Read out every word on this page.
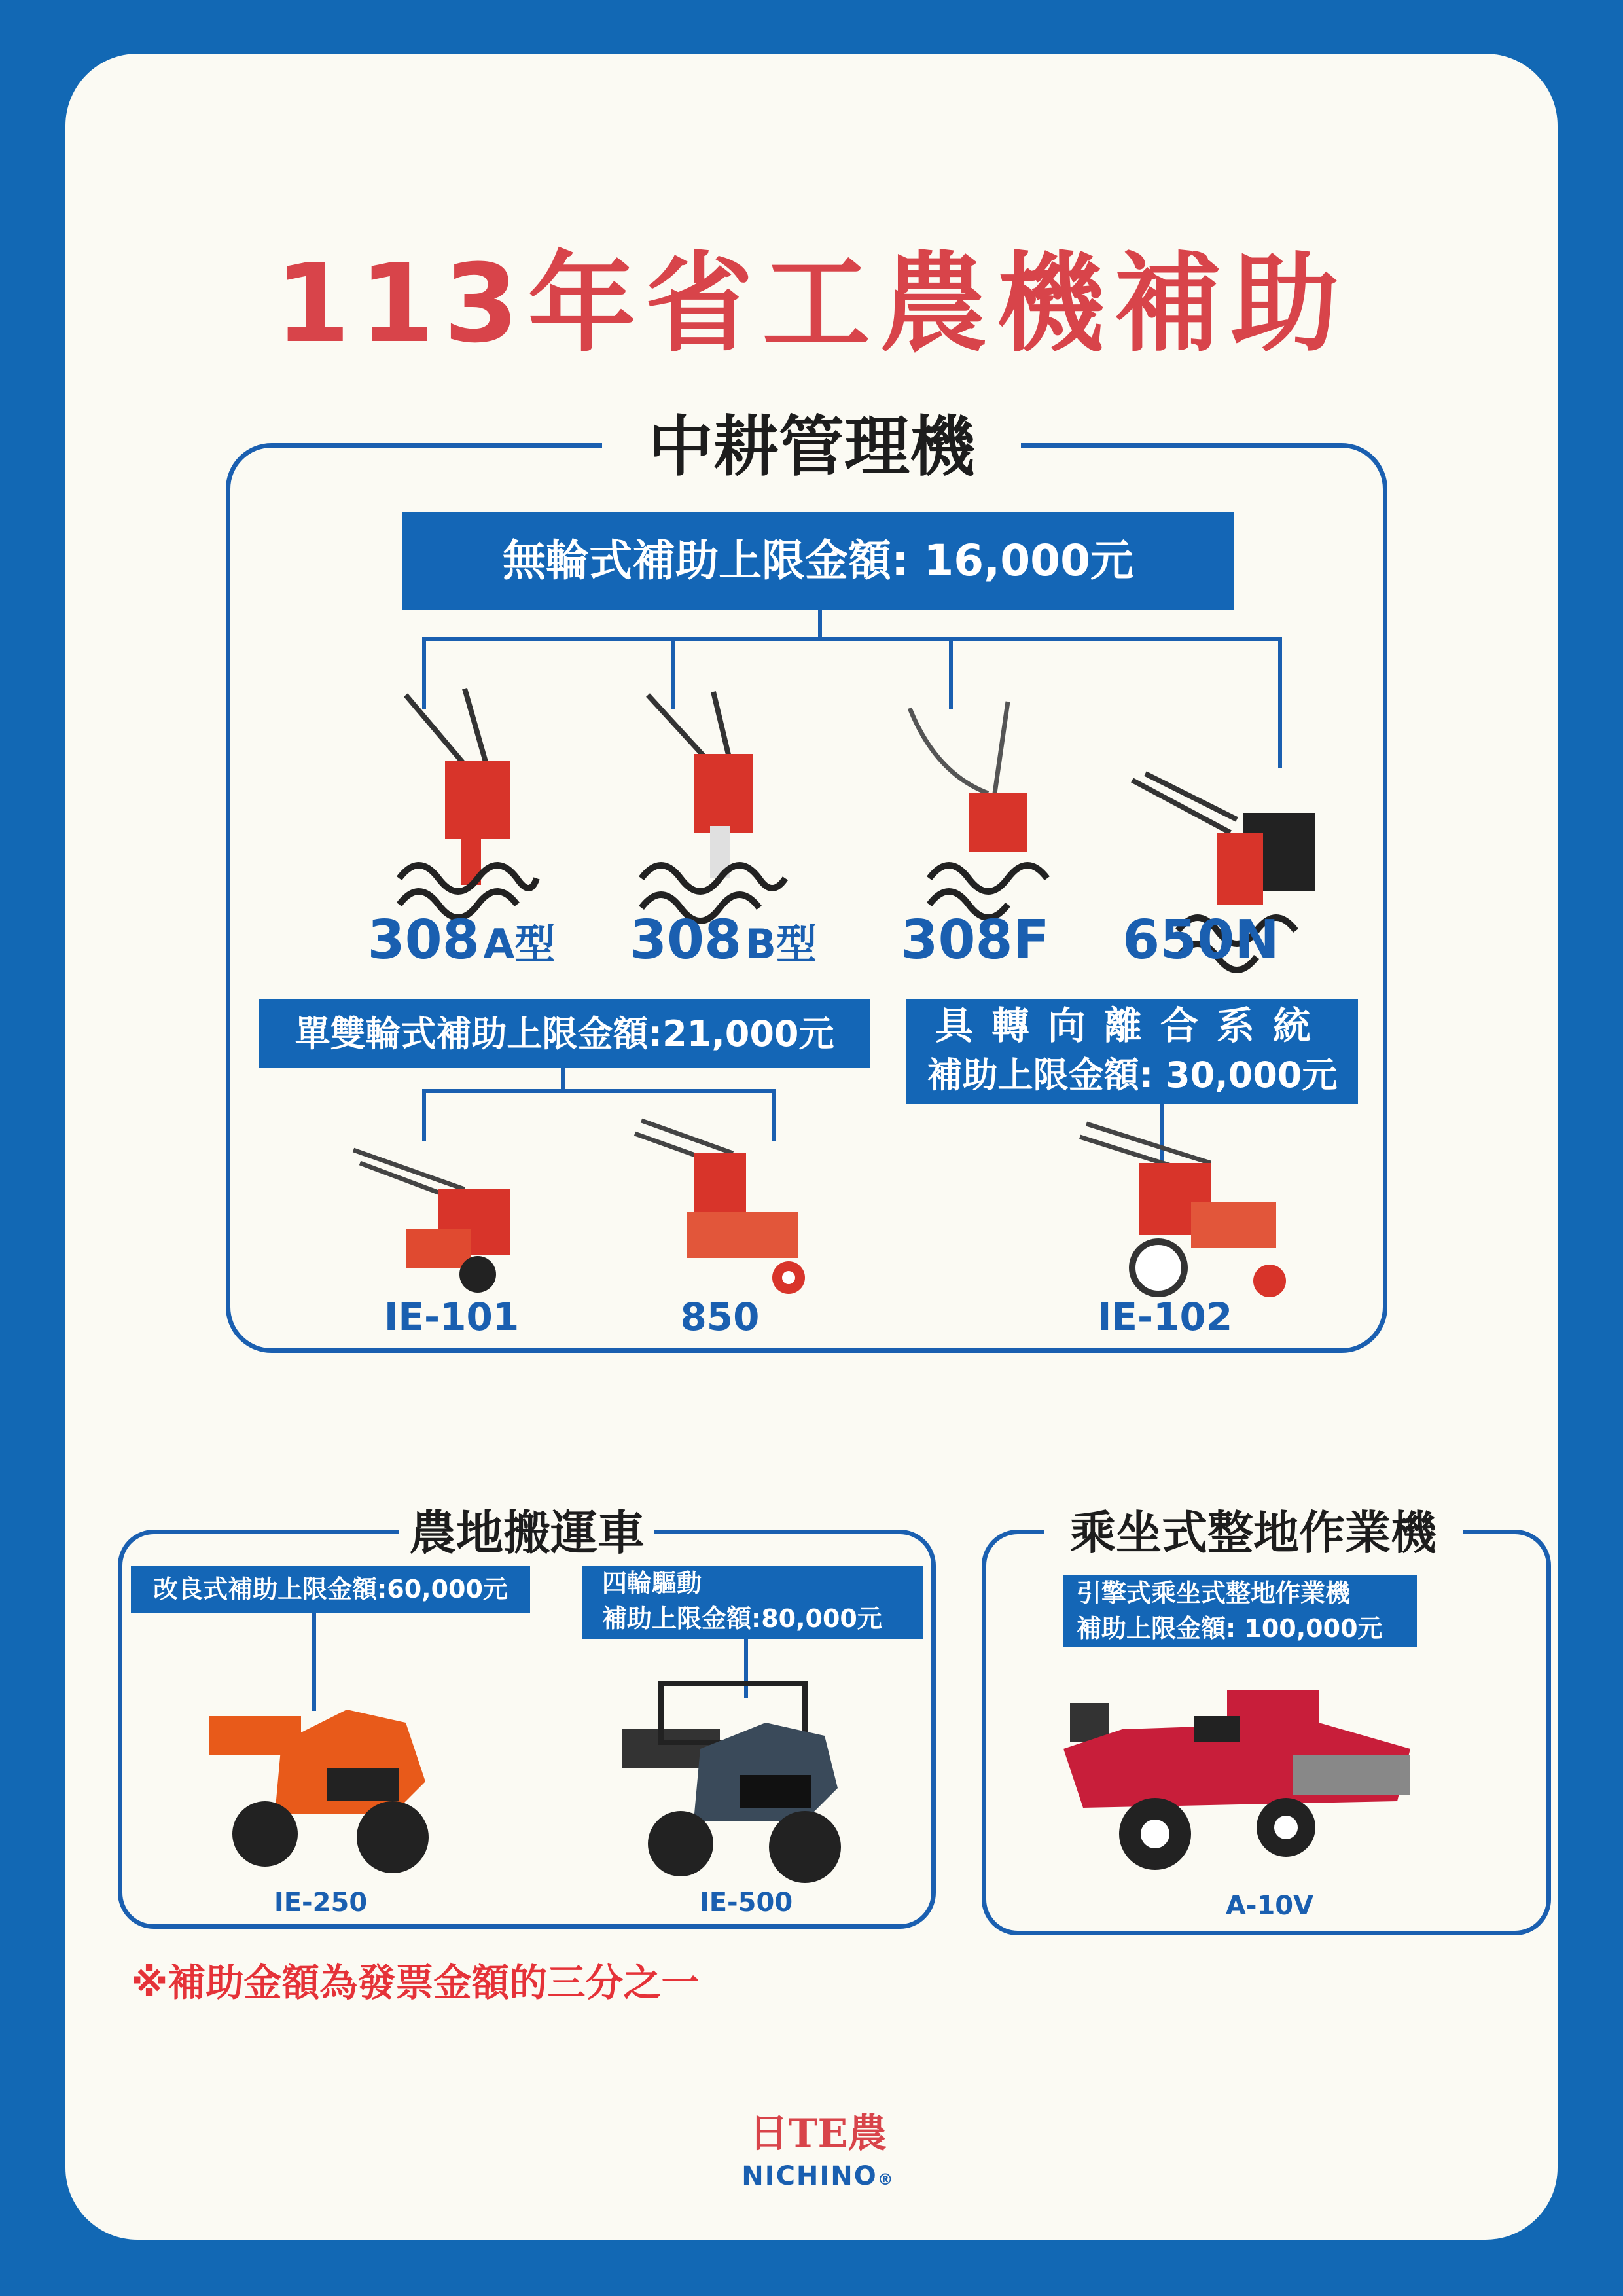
113年省工農機補助
中耕管理機
無輪式補助上限金額: 16,000元
308 A型 308 B型	308F	650N
單雙輪式補助上限金額:21,000元	具轉向離合系統
補助上限金額: 30,000元
IE-101	850	IE-102
農地搬運車
改良式補助上限金額:60,000元	四輪驅動
補助上限金額:80,000元
IE-250	IE-500
乘坐式整地作業機
引擎式乘坐式整地作業機
補助上限金額: 100,000元
A-10V
※補助金額為發票金額的三分之一
日TE農
NICHINO®
